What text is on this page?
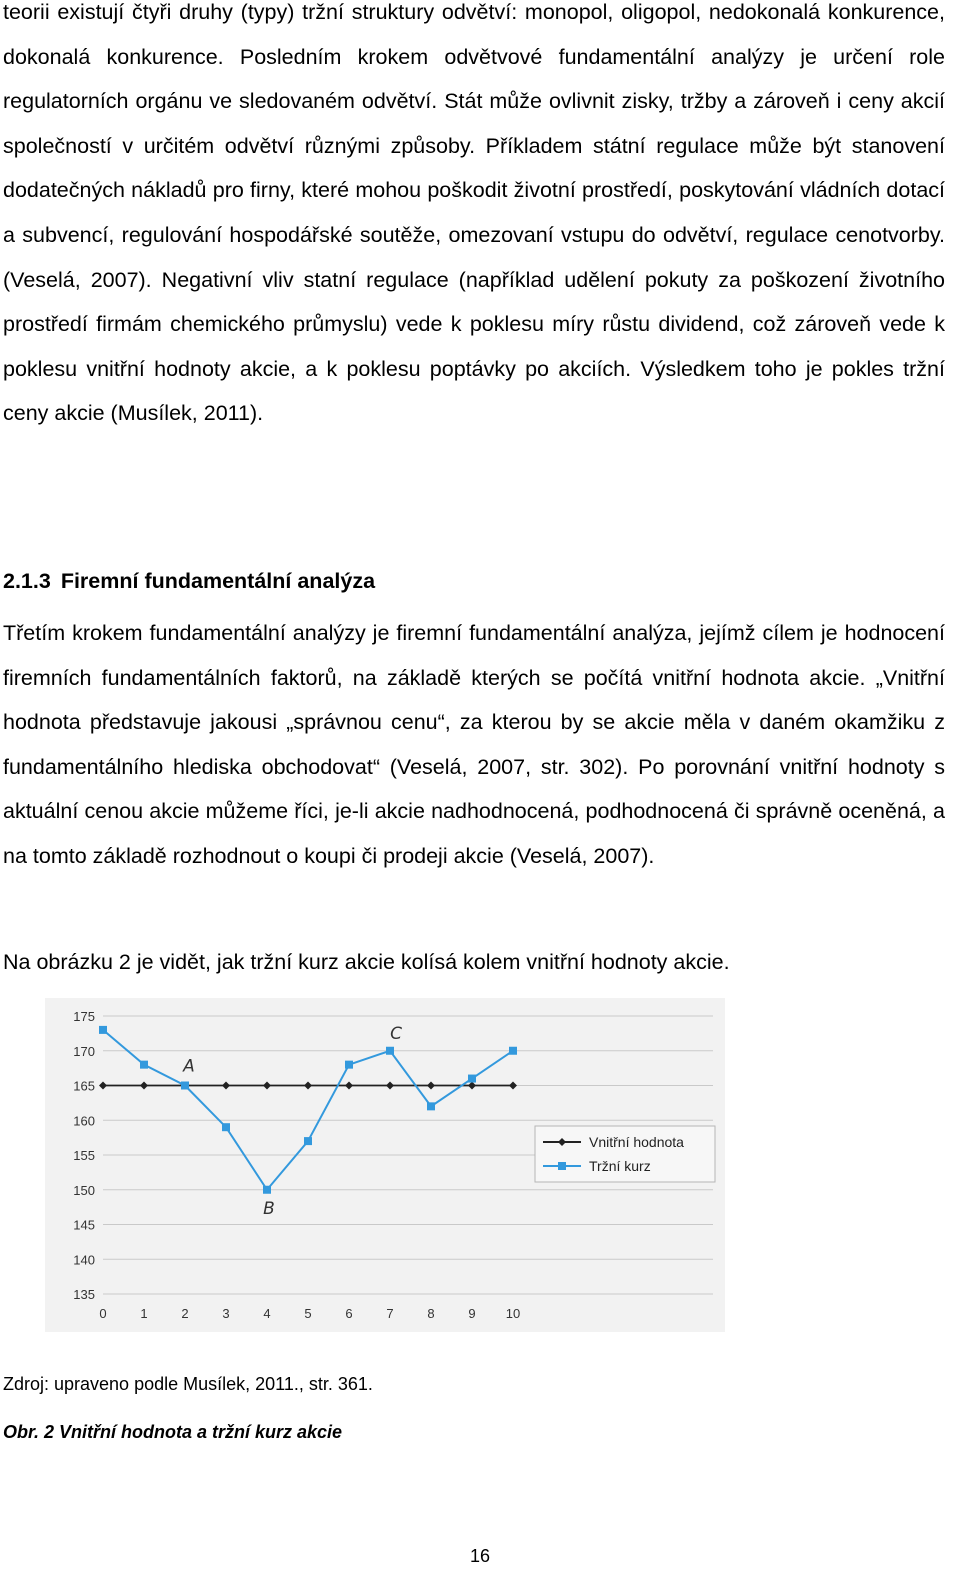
teorii existují čtyři druhy (typy) tržní struktury odvětví: monopol, oligopol, nedokonalá konkurence, dokonalá konkurence. Posledním krokem odvětvové fundamentální analýzy je určení role regulatorních orgánu ve sledovaném odvětví. Stát může ovlivnit zisky, tržby a zároveň i ceny akcií společností v určitém odvětví různými způsoby. Příkladem státní regulace může být stanovení dodatečných nákladů pro firny, které mohou poškodit životní prostředí, poskytování vládních dotací a subvencí, regulování hospodářské soutěže, omezovaní vstupu do odvětví, regulace cenotvorby. (Veselá, 2007). Negativní vliv statní regulace (například udělení pokuty za poškození životního prostředí firmám chemického průmyslu) vede k poklesu míry růstu dividend, což zároveň vede k poklesu vnitřní hodnoty akcie, a k poklesu poptávky po akciích. Výsledkem toho je pokles tržní ceny akcie (Musílek, 2011).

2.1.3 Firemní fundamentální analýza

Třetím krokem fundamentální analýzy je firemní fundamentální analýza, jejímž cílem je hodnocení firemních fundamentálních faktorů, na základě kterých se počítá vnitřní hodnota akcie. „Vnitřní hodnota představuje jakousi „správnou cenu“, za kterou by se akcie měla v daném okamžiku z fundamentálního hlediska obchodovat“ (Veselá, 2007, str. 302). Po porovnání vnitřní hodnoty s aktuální cenou akcie můžeme říci, je-li akcie nadhodnocená, podhodnocená či správně oceněná, a na tomto základě rozhodnout o koupi či prodeji akcie (Veselá, 2007).

Na obrázku 2 je vidět, jak tržní kurz akcie kolísá kolem vnitřní hodnoty akcie.

135
140
145
150
155
160
165
170
175
0	1	2	3	4	5	6	7	8	9 10
A
B
C
Vnitřní hodnota
Tržní kurz

Zdroj: upraveno podle Musílek, 2011., str. 361.

Obr. 2 Vnitřní hodnota a tržní kurz akcie

16
